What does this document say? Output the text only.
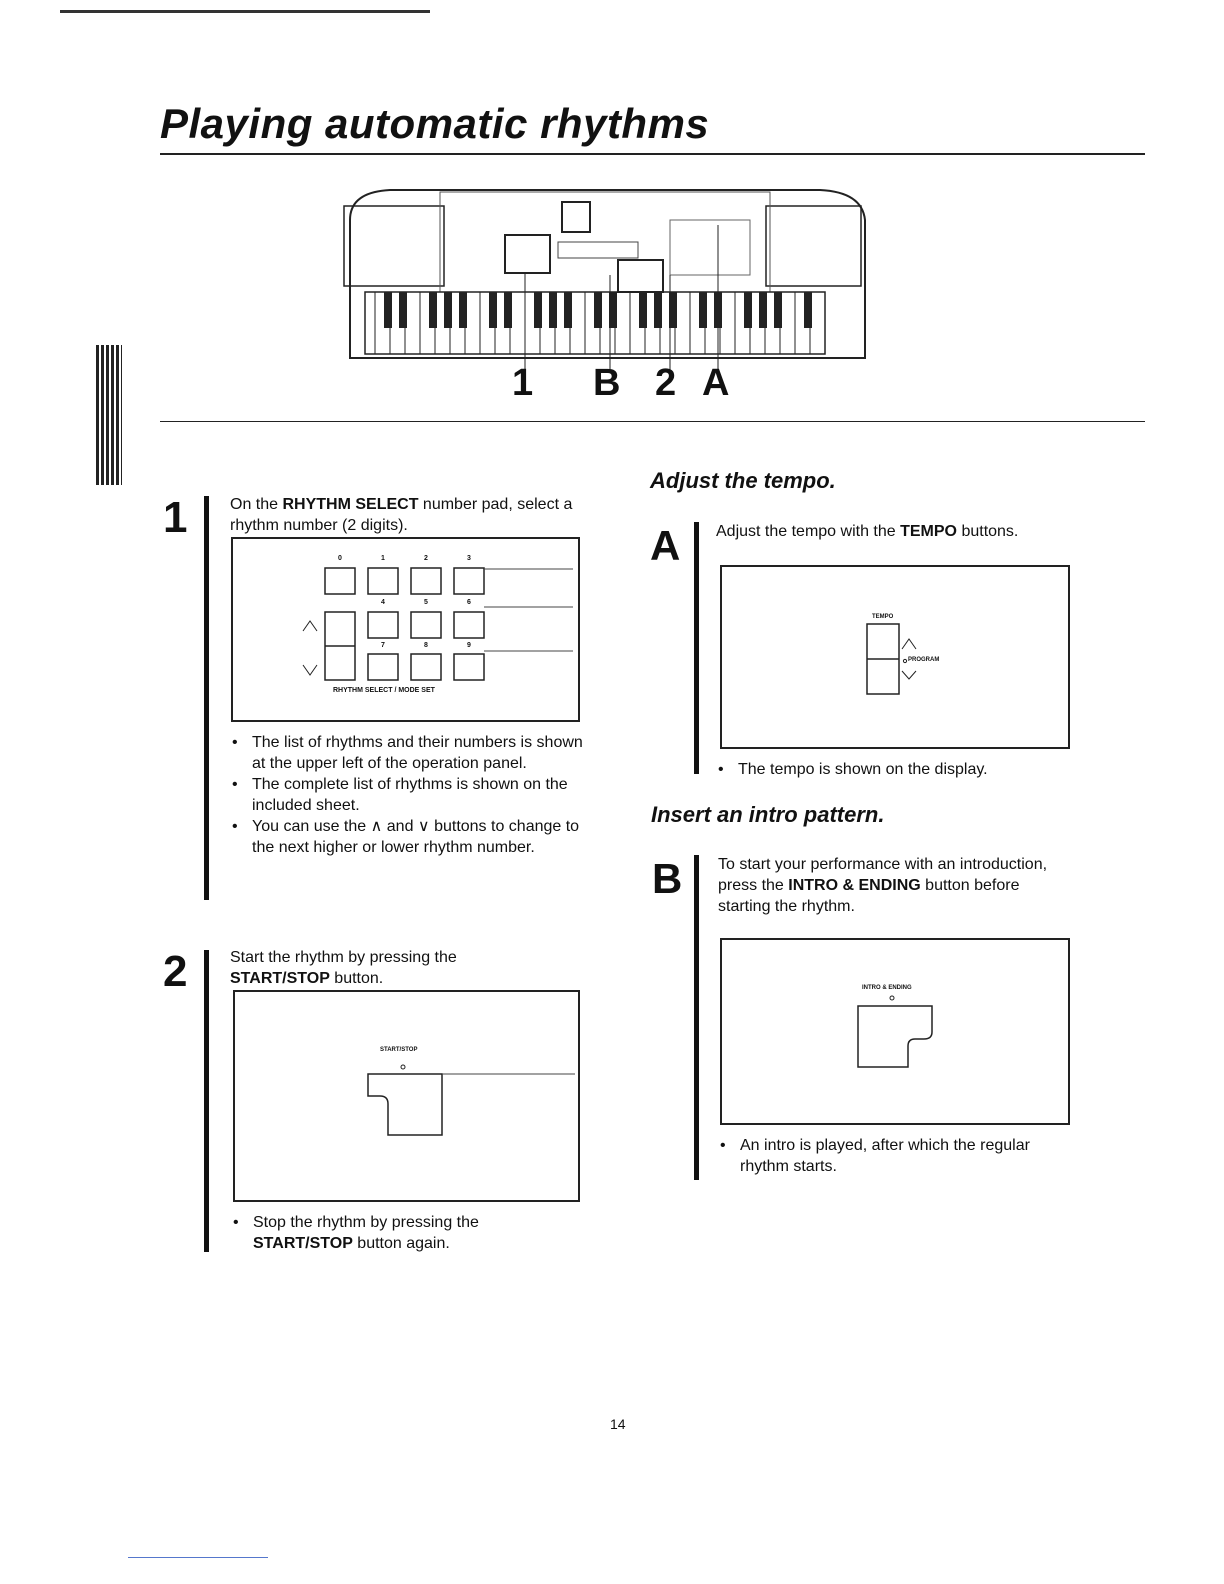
Playing automatic rhythms
1 B 2 A
1	On the RHYTHM SELECT number pad, select a rhythm number (2 digits).
0	1	2	3
4	5	6
7	8	9
RHYTHM SELECT / MODE SET
• The list of rhythms and their numbers is shown at the upper left of the operation panel.
• The complete list of rhythms is shown on the included sheet.
• You can use the ∧ and ∨ buttons to change to the next higher or lower rhythm number.
2	Start the rhythm by pressing the START/STOP button.
START/STOP
• Stop the rhythm by pressing the START/STOP button again.
Adjust the tempo.
A Adjust the tempo with the TEMPO buttons.
TEMPO
PROGRAM
• The tempo is shown on the display.
Insert an intro pattern.
B To start your performance with an introduction, press the INTRO & ENDING button before starting the rhythm.
INTRO & ENDING
• An intro is played, after which the regular rhythm starts.
14
